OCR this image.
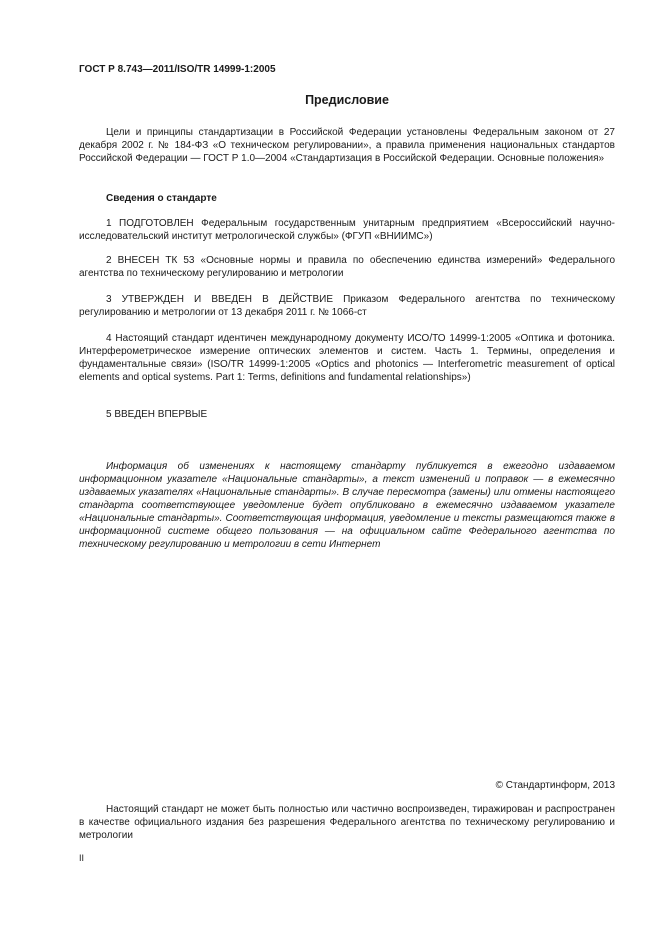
ГОСТ Р 8.743—2011/ISO/TR 14999-1:2005
Предисловие

Цели и принципы стандартизации в Российской Федерации установлены Федеральным законом от 27 декабря 2002 г. № 184-ФЗ «О техническом регулировании», а правила применения национальных стандартов Российской Федерации — ГОСТ Р 1.0—2004 «Стандартизация в Российской Федерации. Основные положения»

Сведения о стандарте

1 ПОДГОТОВЛЕН Федеральным государственным унитарным предприятием «Всероссийский научно-исследовательский институт метрологической службы» (ФГУП «ВНИИМС»)

2 ВНЕСЕН ТК 53 «Основные нормы и правила по обеспечению единства измерений» Федерального агентства по техническому регулированию и метрологии

3 УТВЕРЖДЕН И ВВЕДЕН В ДЕЙСТВИЕ Приказом Федерального агентства по техническому регулированию и метрологии от 13 декабря 2011 г. № 1066-ст

4 Настоящий стандарт идентичен международному документу ИСО/ТО 14999-1:2005 «Оптика и фотоника. Интерферометрическое измерение оптических элементов и систем. Часть 1. Термины, определения и фундаментальные связи» (ISO/TR 14999-1:2005 «Optics and photonics — Interferometric measurement of optical elements and optical systems. Part 1: Terms, definitions and fundamental relationships»)

5 ВВЕДЕН ВПЕРВЫЕ

Информация об изменениях к настоящему стандарту публикуется в ежегодно издаваемом информационном указателе «Национальные стандарты», а текст изменений и поправок — в ежемесячно издаваемых указателях «Национальные стандарты». В случае пересмотра (замены) или отмены настоящего стандарта соответствующее уведомление будет опубликовано в ежемесячно издаваемом указателе «Национальные стандарты». Соответствующая информация, уведомление и тексты размещаются также в информационной системе общего пользования — на официальном сайте Федерального агентства по техническому регулированию и метрологии в сети Интернет

© Стандартинформ, 2013

Настоящий стандарт не может быть полностью или частично воспроизведен, тиражирован и распространен в качестве официального издания без разрешения Федерального агентства по техническому регулированию и метрологии

II
